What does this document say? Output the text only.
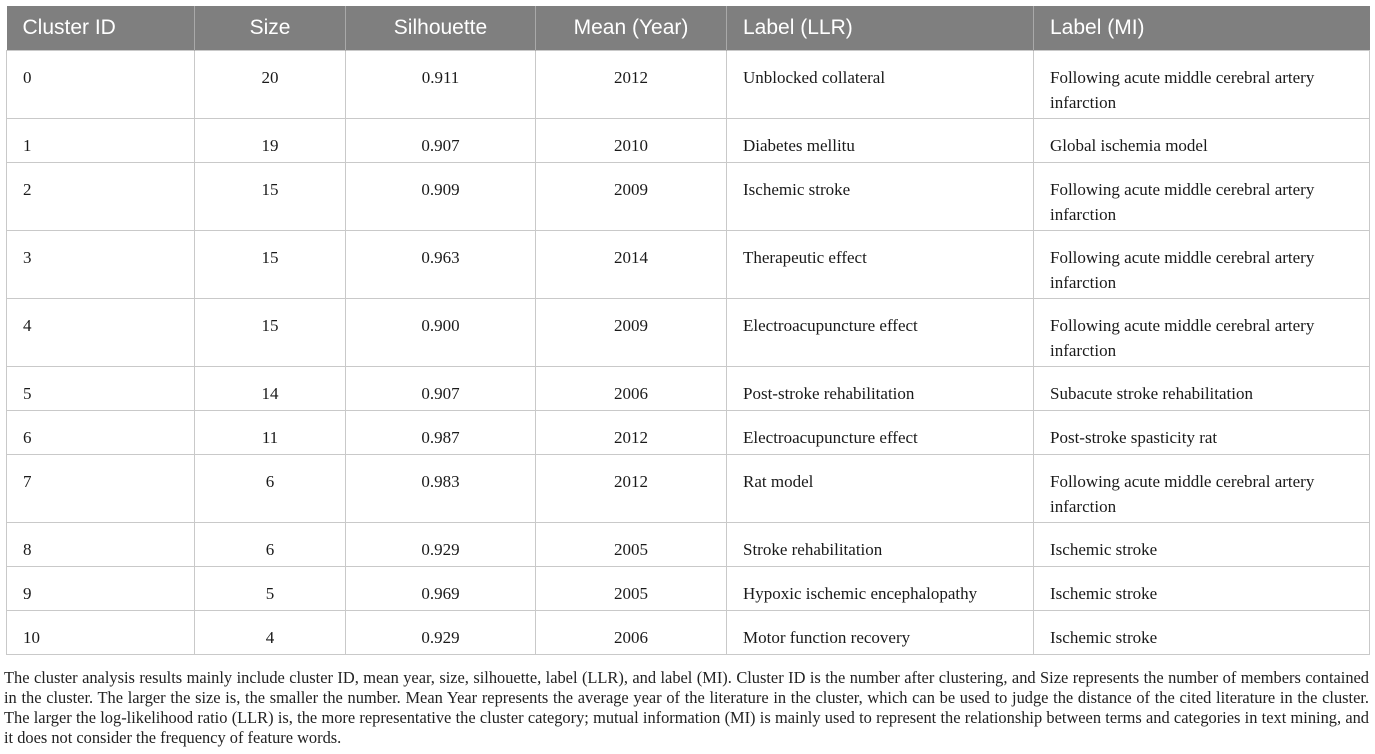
Cluster ID	Size	Silhouette	Mean (Year)	Label (LLR)	Label (MI)
0	20	0.911	2012	Unblocked collateral	Following acute middle cerebral artery infarction
1	19	0.907	2010	Diabetes mellitu	Global ischemia model
2	15	0.909	2009	Ischemic stroke	Following acute middle cerebral artery infarction
3	15	0.963	2014	Therapeutic effect	Following acute middle cerebral artery infarction
4	15	0.900	2009	Electroacupuncture effect	Following acute middle cerebral artery infarction
5	14	0.907	2006	Post-stroke rehabilitation	Subacute stroke rehabilitation
6	11	0.987	2012	Electroacupuncture effect	Post-stroke spasticity rat
7	6	0.983	2012	Rat model	Following acute middle cerebral artery infarction
8	6	0.929	2005	Stroke rehabilitation	Ischemic stroke
9	5	0.969	2005	Hypoxic ischemic encephalopathy	Ischemic stroke
10	4	0.929	2006	Motor function recovery	Ischemic stroke

The cluster analysis results mainly include cluster ID, mean year, size, silhouette, label (LLR), and label (MI). Cluster ID is the number after clustering, and Size represents the number of members contained in the cluster. The larger the size is, the smaller the number. Mean Year represents the average year of the literature in the cluster, which can be used to judge the distance of the cited literature in the cluster. The larger the log-likelihood ratio (LLR) is, the more representative the cluster category; mutual information (MI) is mainly used to represent the relationship between terms and categories in text mining, and it does not consider the frequency of feature words.
